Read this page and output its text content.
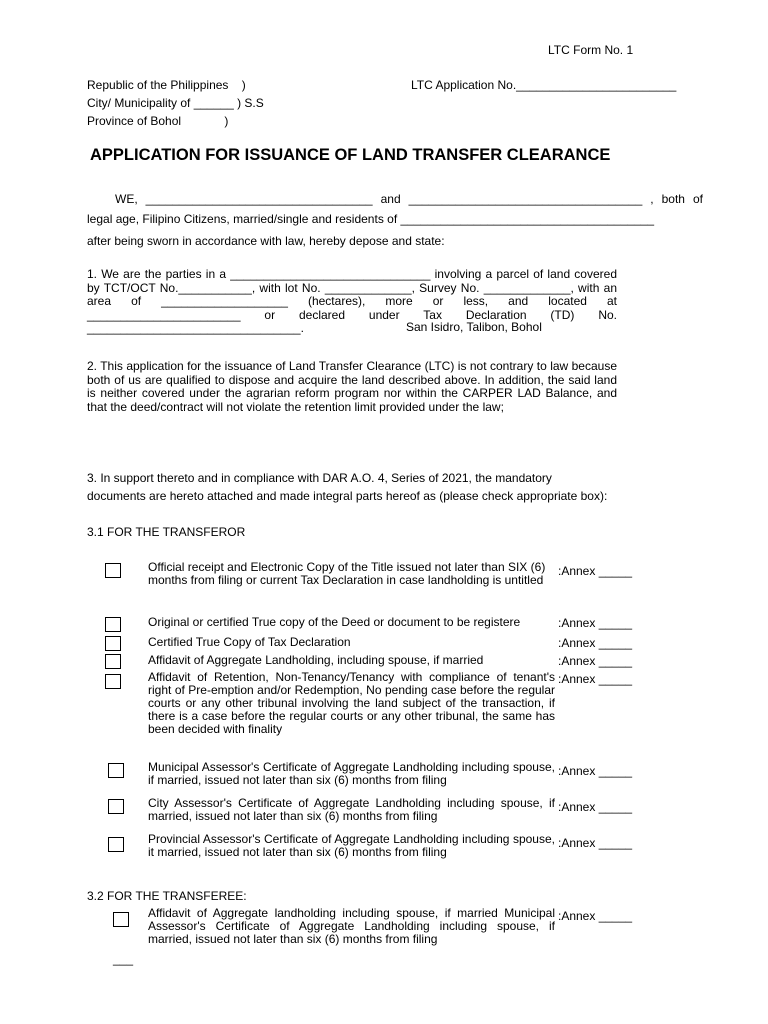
LTC Form No. 1
Republic of the Philippines    )
City/ Municipality of ______ ) S.S
Province of Bohol             )
LTC Application No.________________________
APPLICATION FOR ISSUANCE OF LAND TRANSFER CLEARANCE
WE, __________________________________ and ___________________________________ , both of
legal age, Filipino Citizens, married/single and residents of ______________________________________
after being sworn in accordance with law, hereby depose and state:
1. We are the parties in a ______________________________ involving a parcel of land covered by TCT/OCT No.___________, with lot No. _____________, Survey No. _____________, with an area of ___________________ (hectares), more or less, and located at _______________________ or declared under Tax Declaration (TD) No. ________________________________.	San Isidro, Talibon, Bohol
2. This application for the issuance of Land Transfer Clearance (LTC) is not contrary to law because both of us are qualified to dispose and acquire the land described above. In addition, the said land is neither covered under the agrarian reform program nor within the CARPER LAD Balance, and that the deed/contract will not violate the retention limit provided under the law;
3. In support thereto and in compliance with DAR A.O. 4, Series of 2021, the mandatory
documents are hereto attached and made integral parts hereof as (please check appropriate box):
3.1 FOR THE TRANSFEROR
Official receipt and Electronic Copy of the Title issued not later than SIX (6) months from filing or current Tax Declaration in case landholding is untitled
:Annex _____
Original or certified True copy of the Deed or document to be registere	:Annex _____
Certified True Copy of Tax Declaration	:Annex _____
Affidavit of Aggregate Landholding, including spouse, if married	:Annex _____
Affidavit of Retention, Non-Tenancy/Tenancy with compliance of tenant's right of Pre-emption and/or Redemption, No pending case before the regular courts or any other tribunal involving the land subject of the transaction, if there is a case before the regular courts or any other tribunal, the same has been decided with finality
:Annex _____
Municipal Assessor's Certificate of Aggregate Landholding including spouse, if married, issued not later than six (6) months from filing
:Annex _____
City Assessor's Certificate of Aggregate Landholding including spouse, if married, issued not later than six (6) months from filing
:Annex _____
Provincial Assessor's Certificate of Aggregate Landholding including spouse, it married, issued not later than six (6) months from filing
:Annex _____
3.2 FOR THE TRANSFEREE:
Affidavit of Aggregate landholding including spouse, if married Municipal Assessor's Certificate of Aggregate Landholding including spouse, if married, issued not later than six (6) months from filing
:Annex _____
___
